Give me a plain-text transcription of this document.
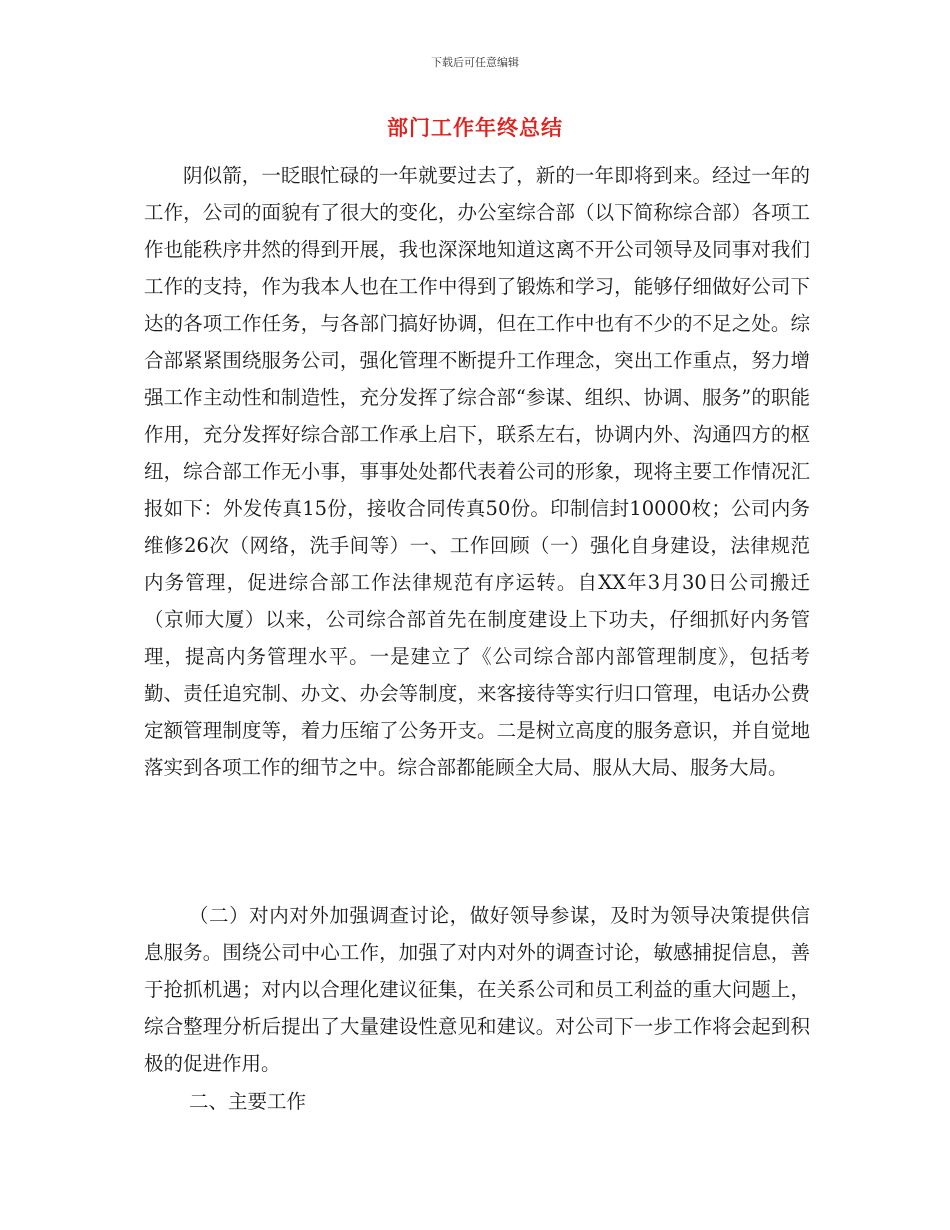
下载后可任意编辑
部门工作年终总结
阴似箭，一眨眼忙碌的一年就要过去了，新的一年即将到来。经过一年的工作，公司的面貌有了很大的变化，办公室综合部（以下简称综合部）各项工作也能秩序井然的得到开展，我也深深地知道这离不开公司领导及同事对我们工作的支持，作为我本人也在工作中得到了锻炼和学习，能够仔细做好公司下达的各项工作任务，与各部门搞好协调，但在工作中也有不少的不足之处。综合部紧紧围绕服务公司，强化管理不断提升工作理念，突出工作重点，努力增强工作主动性和制造性，充分发挥了综合部“参谋、组织、协调、服务”的职能作用，充分发挥好综合部工作承上启下，联系左右，协调内外、沟通四方的枢纽，综合部工作无小事，事事处处都代表着公司的形象，现将主要工作情况汇报如下：外发传真15份，接收合同传真50份。印制信封10000枚；公司内务维修26次（网络，洗手间等）一、工作回顾（一）强化自身建设，法律规范内务管理，促进综合部工作法律规范有序运转。自XX年3月30日公司搬迁（京师大厦）以来，公司综合部首先在制度建设上下功夫，仔细抓好内务管理，提高内务管理水平。一是建立了《公司综合部内部管理制度》，包括考勤、责任追究制、办文、办会等制度，来客接待等实行归口管理，电话办公费定额管理制度等，着力压缩了公务开支。二是树立高度的服务意识，并自觉地落实到各项工作的细节之中。综合部都能顾全大局、服从大局、服务大局。
（二）对内对外加强调查讨论，做好领导参谋，及时为领导决策提供信息服务。围绕公司中心工作，加强了对内对外的调查讨论，敏感捕捉信息，善于抢抓机遇；对内以合理化建议征集，在关系公司和员工利益的重大问题上，综合整理分析后提出了大量建设性意见和建议。对公司下一步工作将会起到积极的促进作用。
二、主要工作
